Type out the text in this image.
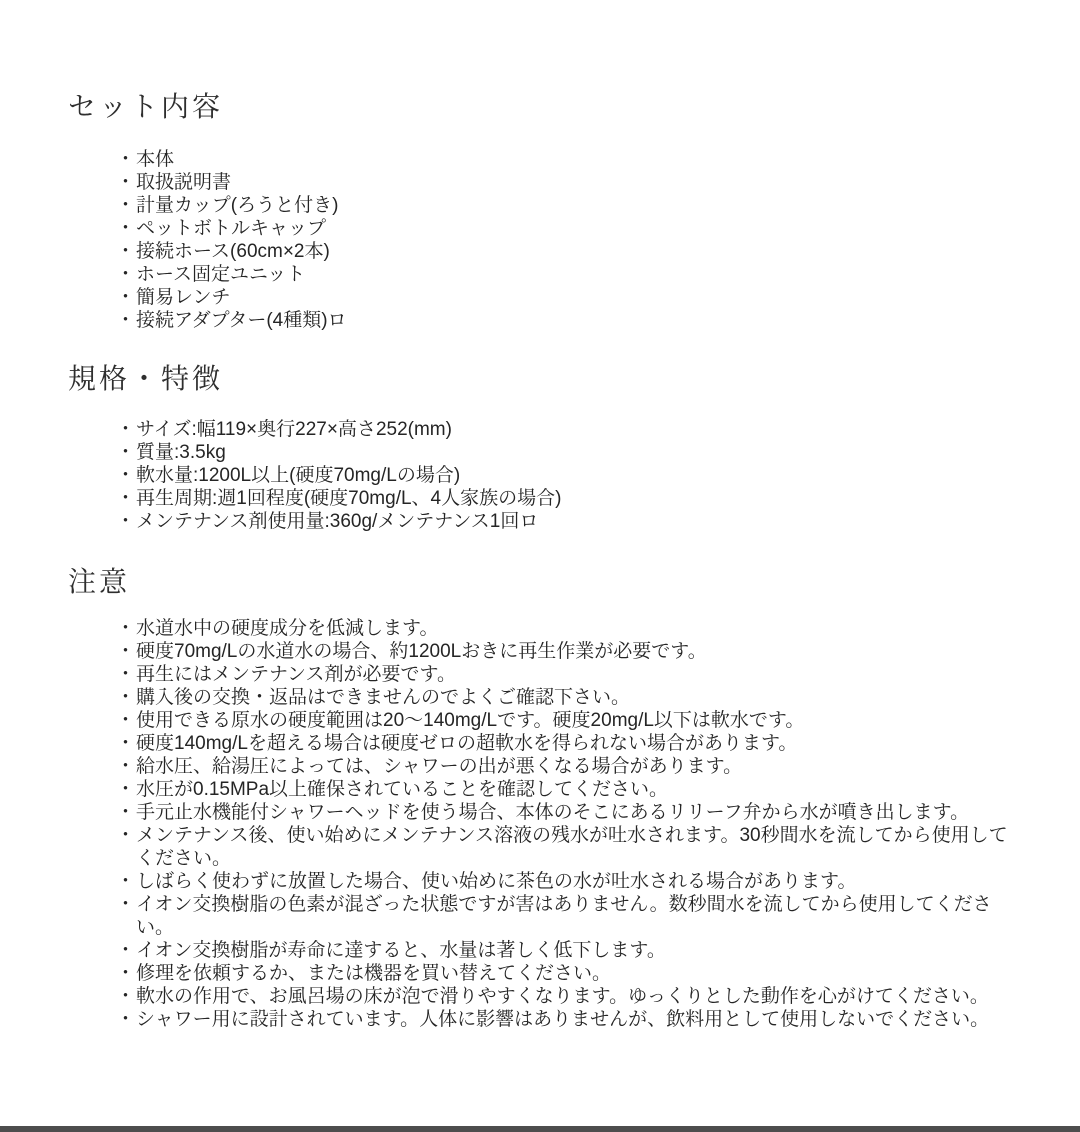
セット内容
・ 本体
・ 取扱説明書
・ 計量カップ(ろうと付き)
・ ペットボトルキャップ
・ 接続ホース(60cm×2本)
・ ホース固定ユニット
・ 簡易レンチ
・ 接続アダプター(4種類)ロ
規格・特徴
・ サイズ:幅119×奥行227×高さ252(mm)
・ 質量:3.5kg
・ 軟水量:1200L以上(硬度70mg/Lの場合)
・ 再生周期:週1回程度(硬度70mg/L、4人家族の場合)
・ メンテナンス剤使用量:360g/メンテナンス1回ロ
注意
・ 水道水中の硬度成分を低減します。
・ 硬度70mg/Lの水道水の場合、約1200Lおきに再生作業が必要です。
・ 再生にはメンテナンス剤が必要です。
・ 購入後の交換・返品はできませんのでよくご確認下さい。
・ 使用できる原水の硬度範囲は20～140mg/Lです。硬度20mg/L以下は軟水です。
・ 硬度140mg/Lを超える場合は硬度ゼロの超軟水を得られない場合があります。
・ 給水圧、給湯圧によっては、シャワーの出が悪くなる場合があります。
・ 水圧が0.15MPa以上確保されていることを確認してください。
・ 手元止水機能付シャワーヘッドを使う場合、本体のそこにあるリリーフ弁から水が噴き出します。
・ メンテナンス後、使い始めにメンテナンス溶液の残水が吐水されます。30秒間水を流してから使用してください。
・ しばらく使わずに放置した場合、使い始めに茶色の水が吐水される場合があります。
・ イオン交換樹脂の色素が混ざった状態ですが害はありません。数秒間水を流してから使用してください。
・ イオン交換樹脂が寿命に達すると、水量は著しく低下します。
・ 修理を依頼するか、または機器を買い替えてください。
・ 軟水の作用で、お風呂場の床が泡で滑りやすくなります。ゆっくりとした動作を心がけてください。
・ シャワー用に設計されています。人体に影響はありませんが、飲料用として使用しないでください。
